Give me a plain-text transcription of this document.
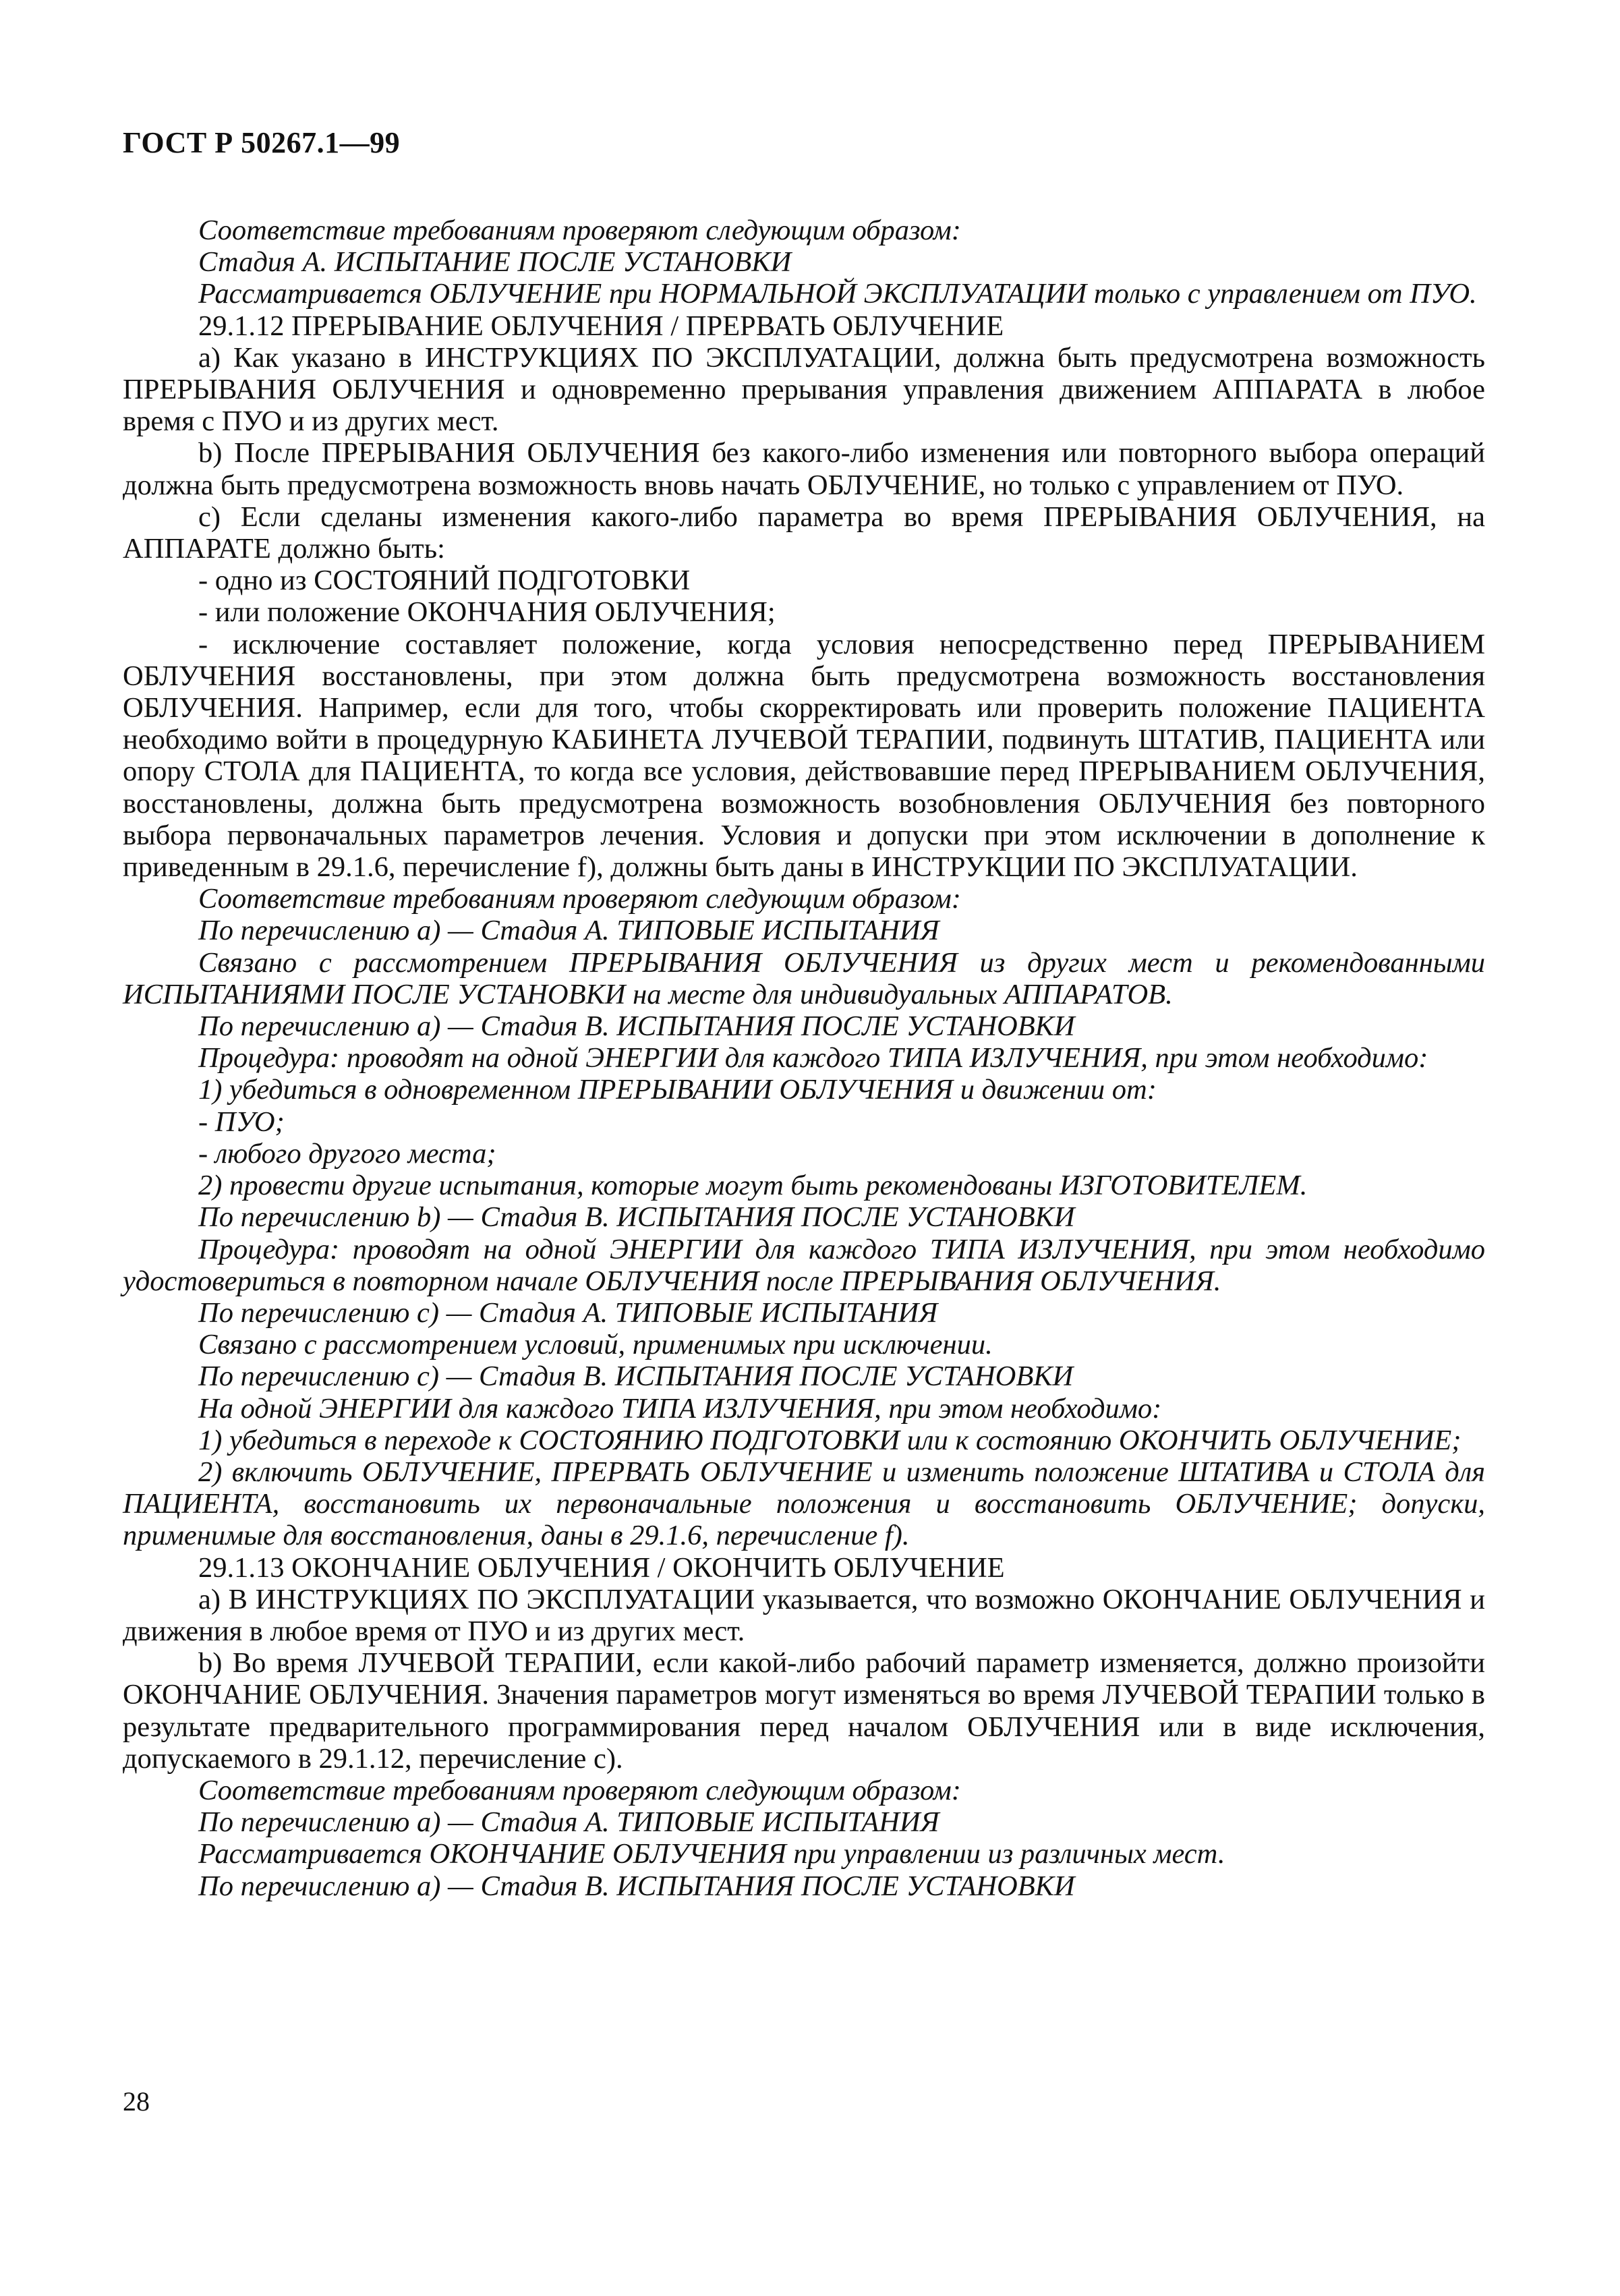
ГОСТ Р 50267.1—99

Соответствие требованиям проверяют следующим образом:

Стадия А. ИСПЫТАНИЕ ПОСЛЕ УСТАНОВКИ

Рассматривается ОБЛУЧЕНИЕ при НОРМАЛЬНОЙ ЭКСПЛУАТАЦИИ только с управлением от ПУО.

29.1.12 ПРЕРЫВАНИЕ ОБЛУЧЕНИЯ / ПРЕРВАТЬ ОБЛУЧЕНИЕ

а) Как указано в ИНСТРУКЦИЯХ ПО ЭКСПЛУАТАЦИИ, должна быть предусмотрена возможность ПРЕРЫВАНИЯ ОБЛУЧЕНИЯ и одновременно прерывания управления движением АППАРАТА в любое время с ПУО и из других мест.

b) После ПРЕРЫВАНИЯ ОБЛУЧЕНИЯ без какого-либо изменения или повторного выбора операций должна быть предусмотрена возможность вновь начать ОБЛУЧЕНИЕ, но только с управлением от ПУО.

с) Если сделаны изменения какого-либо параметра во время ПРЕРЫВАНИЯ ОБЛУЧЕНИЯ, на АППАРАТЕ должно быть:

- одно из СОСТОЯНИЙ ПОДГОТОВКИ

- или положение ОКОНЧАНИЯ ОБЛУЧЕНИЯ;

- исключение составляет положение, когда условия непосредственно перед ПРЕРЫВАНИЕМ ОБЛУЧЕНИЯ восстановлены, при этом должна быть предусмотрена возможность восстановления ОБЛУЧЕНИЯ. Например, если для того, чтобы скорректировать или проверить положение ПАЦИЕНТА необходимо войти в процедурную КАБИНЕТА ЛУЧЕВОЙ ТЕРАПИИ, подвинуть ШТАТИВ, ПАЦИЕНТА или опору СТОЛА для ПАЦИЕНТА, то когда все условия, действовавшие перед ПРЕРЫВАНИЕМ ОБЛУЧЕНИЯ, восстановлены, должна быть предусмотрена возможность возобновления ОБЛУЧЕНИЯ без повторного выбора первоначальных параметров лечения. Условия и допуски при этом исключении в дополнение к приведенным в 29.1.6, перечисление f), должны быть даны в ИНСТРУКЦИИ ПО ЭКСПЛУАТАЦИИ.

Соответствие требованиям проверяют следующим образом:

По перечислению а) — Стадия А. ТИПОВЫЕ ИСПЫТАНИЯ

Связано с рассмотрением ПРЕРЫВАНИЯ ОБЛУЧЕНИЯ из других мест и рекомендованными ИСПЫТАНИЯМИ ПОСЛЕ УСТАНОВКИ на месте для индивидуальных АППАРАТОВ.

По перечислению а) — Стадия В. ИСПЫТАНИЯ ПОСЛЕ УСТАНОВКИ

Процедура: проводят на одной ЭНЕРГИИ для каждого ТИПА ИЗЛУЧЕНИЯ, при этом необходимо:

1) убедиться в одновременном ПРЕРЫВАНИИ ОБЛУЧЕНИЯ и движении от:

- ПУО;

- любого другого места;

2) провести другие испытания, которые могут быть рекомендованы ИЗГОТОВИТЕЛЕМ.

По перечислению b) — Стадия В. ИСПЫТАНИЯ ПОСЛЕ УСТАНОВКИ

Процедура: проводят на одной ЭНЕРГИИ для каждого ТИПА ИЗЛУЧЕНИЯ, при этом необходимо удостовериться в повторном начале ОБЛУЧЕНИЯ после ПРЕРЫВАНИЯ ОБЛУЧЕНИЯ.

По перечислению с) — Стадия А. ТИПОВЫЕ ИСПЫТАНИЯ

Связано с рассмотрением условий, применимых при исключении.

По перечислению с) — Стадия В. ИСПЫТАНИЯ ПОСЛЕ УСТАНОВКИ

На одной ЭНЕРГИИ для каждого ТИПА ИЗЛУЧЕНИЯ, при этом необходимо:

1) убедиться в переходе к СОСТОЯНИЮ ПОДГОТОВКИ или к состоянию ОКОНЧИТЬ ОБЛУЧЕНИЕ;

2) включить ОБЛУЧЕНИЕ, ПРЕРВАТЬ ОБЛУЧЕНИЕ и изменить положение ШТАТИВА и СТОЛА для ПАЦИЕНТА, восстановить их первоначальные положения и восстановить ОБЛУЧЕНИЕ; допуски, применимые для восстановления, даны в 29.1.6, перечисление f).

29.1.13 ОКОНЧАНИЕ ОБЛУЧЕНИЯ / ОКОНЧИТЬ ОБЛУЧЕНИЕ

а) В ИНСТРУКЦИЯХ ПО ЭКСПЛУАТАЦИИ указывается, что возможно ОКОНЧАНИЕ ОБЛУЧЕНИЯ и движения в любое время от ПУО и из других мест.

b) Во время ЛУЧЕВОЙ ТЕРАПИИ, если какой-либо рабочий параметр изменяется, должно произойти ОКОНЧАНИЕ ОБЛУЧЕНИЯ. Значения параметров могут изменяться во время ЛУЧЕВОЙ ТЕРАПИИ только в результате предварительного программирования перед началом ОБЛУЧЕНИЯ или в виде исключения, допускаемого в 29.1.12, перечисление с).

Соответствие требованиям проверяют следующим образом:

По перечислению а) — Стадия А. ТИПОВЫЕ ИСПЫТАНИЯ

Рассматривается ОКОНЧАНИЕ ОБЛУЧЕНИЯ при управлении из различных мест.

По перечислению а) — Стадия В. ИСПЫТАНИЯ ПОСЛЕ УСТАНОВКИ

28
